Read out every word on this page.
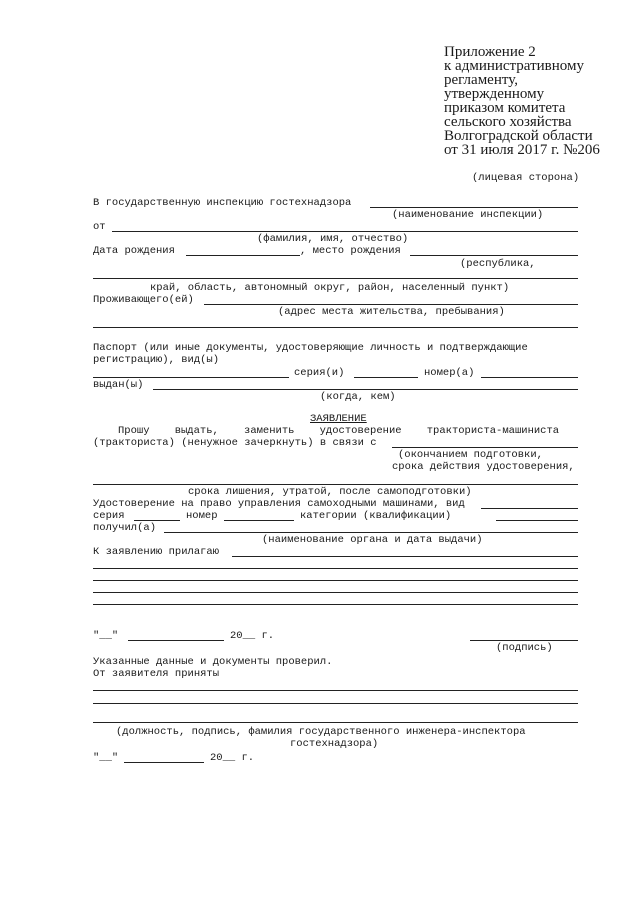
Приложение 2
к административному
регламенту,
утвержденному
приказом комитета
сельского хозяйства
Волгоградской области
от 31 июля 2017 г. №206
(лицевая сторона)
В государственную инспекцию гостехнадзора
(наименование инспекции)
от
(фамилия, имя, отчество)
Дата рождения	, место рождения
(республика,
край, область, автономный округ, район, населенный пункт)
Проживающего(ей)
(адрес места жительства, пребывания)
Паспорт (или иные документы, удостоверяющие личность и подтверждающие
регистрацию), вид(ы)
серия(и)	номер(а)
выдан(ы)
(когда, кем)
ЗАЯВЛЕНИЕ
Прошу    выдать,    заменить    удостоверение    тракториста-машиниста
(тракториста) (ненужное зачеркнуть) в связи с
(окончанием подготовки,
срока действия удостоверения,
срока лишения, утратой, после самоподготовки)
Удостоверение на право управления самоходными машинами, вид
серия	номер	категории (квалификации)
получил(а)
(наименование органа и дата выдачи)
К заявлению прилагаю
"__"	20__ г.
(подпись)
Указанные данные и документы проверил.
От заявителя приняты
(должность, подпись, фамилия государственного инженера-инспектора
гостехнадзора)
"__"	20__ г.
